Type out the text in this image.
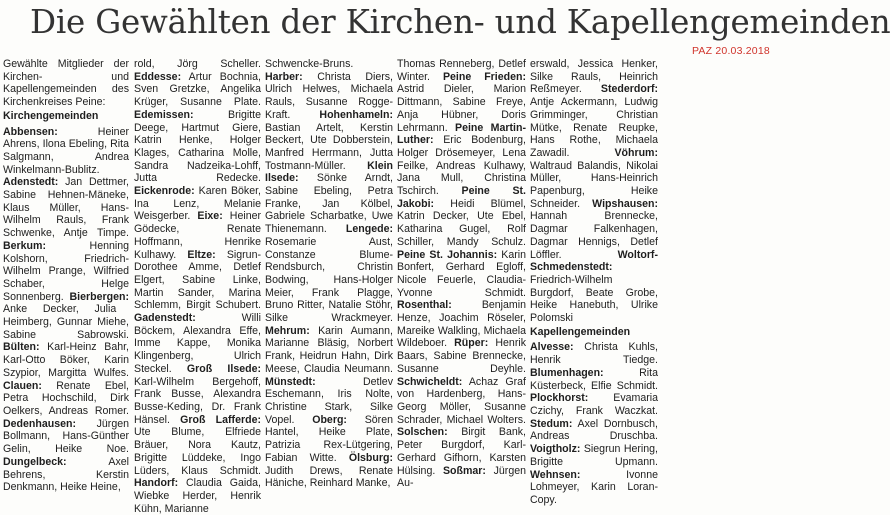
Die Gewählten der Kirchen- und Kapellengemeinden
PAZ 20.03.2018

Gewählte Mitglieder der Kirchen- und Kapellengemeinden des Kirchenkreises Peine:

Kirchengemeinden

Abbensen: Heiner Ahrens, Ilona Ebeling, Rita Salgmann, Andrea Winkelmann-Bublitz. Adenstedt: Jan Dettmer, Sabine Hehnen-Mäneke, Klaus Müller, Hans-Wilhelm Rauls, Frank Schwenke, Antje Timpe. Berkum: Henning Kolshorn, Friedrich-Wilhelm Prange, Wilfried Schaber, Helge Sonnenberg. Bierbergen: Anke Decker, Julia Heimberg, Gunnar Miehe, Sabine Sabrowski. Bülten: Karl-Heinz Bahr, Karl-Otto Böker, Karin Szypior, Margitta Wulfes. Clauen: Renate Ebel, Petra Hochschild, Dirk Oelkers, Andreas Romer. Dedenhausen: Jürgen Bollmann, Hans-Günther Gelin, Heike Noe. Dungelbeck: Axel Behrens, Kerstin Denkmann, Heike Heine,

rold, Jörg Scheller. Eddesse: Artur Bochnia, Sven Gretzke, Angelika Krüger, Susanne Plate. Edemissen: Brigitte Deege, Hartmut Giere, Katrin Henke, Holger Klages, Catharina Molle, Sandra Nadzeika-Lohff, Jutta Redecke. Eickenrode: Karen Böker, Ina Lenz, Melanie Weisgerber. Eixe: Heiner Gödecke, Renate Hoffmann, Henrike Kulhawy. Eltze: Sigrun-Dorothee Amme, Detlef Elgert, Sabine Linke, Martin Sander, Marina Schlemm, Birgit Schubert. Gadenstedt: Willi Böckem, Alexandra Effe, Imme Kappe, Monika Klingenberg, Ulrich Steckel. Groß Ilsede: Karl-Wilhelm Bergehoff, Frank Busse, Alexandra Busse-Keding, Dr. Frank Hänsel. Groß Lafferde: Ute Blume, Elfriede Bräuer, Nora Kautz, Brigitte Lüddeke, Ingo Lüders, Klaus Schmidt. Handorf: Claudia Gaida, Wiebke Herder, Henrik Kühn, Marianne

Schwencke-Bruns. Harber: Christa Diers, Ulrich Helwes, Michaela Rauls, Susanne Rogge-Kraft. Hohenhameln: Bastian Artelt, Kerstin Beckert, Ute Dobberstein, Manfred Herrmann, Jutta Tostmann-Müller. Klein Ilsede: Sönke Arndt, Sabine Ebeling, Petra Franke, Jan Kölbel, Gabriele Scharbatke, Uwe Thienemann. Lengede: Rosemarie Aust, Constanze Blume-Rendsburch, Christin Bodwing, Hans-Holger Meier, Frank Plagge, Bruno Ritter, Natalie Stöhr, Silke Wrackmeyer. Mehrum: Karin Aumann, Marianne Bläsig, Norbert Frank, Heidrun Hahn, Dirk Meese, Claudia Neumann. Münstedt: Detlev Eschemann, Iris Nolte, Christine Stark, Silke Vopel. Oberg: Sören Hantel, Heike Plate, Patrizia Rex-Lütgering, Fabian Witte. Ölsburg: Judith Drews, Renate Häniche, Reinhard Manke,

Thomas Renneberg, Detlef Winter. Peine Frieden: Astrid Dieler, Marion Dittmann, Sabine Freye, Anja Hübner, Doris Lehrmann. Peine Martin-Luther: Eric Bodenburg, Holger Drösemeyer, Lena Feilke, Andreas Kulhawy, Jana Mull, Christina Tschirch. Peine St. Jakobi: Heidi Blümel, Katrin Decker, Ute Ebel, Katharina Gugel, Rolf Schiller, Mandy Schulz. Peine St. Johannis: Karin Bonfert, Gerhard Egloff, Nicole Feuerle, Claudia-Yvonne Schmidt. Rosenthal: Benjamin Henze, Joachim Röseler, Mareike Walkling, Michaela Wildeboer. Rüper: Henrik Baars, Sabine Brennecke, Susanne Deyhle. Schwicheldt: Achaz Graf von Hardenberg, Hans-Georg Möller, Susanne Schrader, Michael Wolters. Solschen: Birgit Bank, Peter Burgdorf, Karl-Gerhard Gifhorn, Karsten Hülsing. Soßmar: Jürgen Au-

erswald, Jessica Henker, Silke Rauls, Heinrich Reßmeyer. Stederdorf: Antje Ackermann, Ludwig Grimminger, Christian Mütke, Renate Reupke, Hans Rothe, Michaela Zawadil. Vöhrum: Waltraud Balandis, Nikolai Müller, Hans-Heinrich Papenburg, Heike Schneider. Wipshausen: Hannah Brennecke, Dagmar Falkenhagen, Dagmar Hennigs, Detlef Löffler. Woltorf-Schmedenstedt: Friedrich-Wilhelm Burgdorf, Beate Grobe, Heike Hanebuth, Ulrike Polomski

Kapellengemeinden

Alvesse: Christa Kuhls, Henrik Tiedge. Blumenhagen: Rita Küsterbeck, Elfie Schmidt. Plockhorst: Evamaria Czichy, Frank Waczkat. Stedum: Axel Dornbusch, Andreas Druschba. Voigtholz: Siegrun Hering, Brigitte Upmann. Wehnsen: Ivonne Lohmeyer, Karin Loran-Copy.
